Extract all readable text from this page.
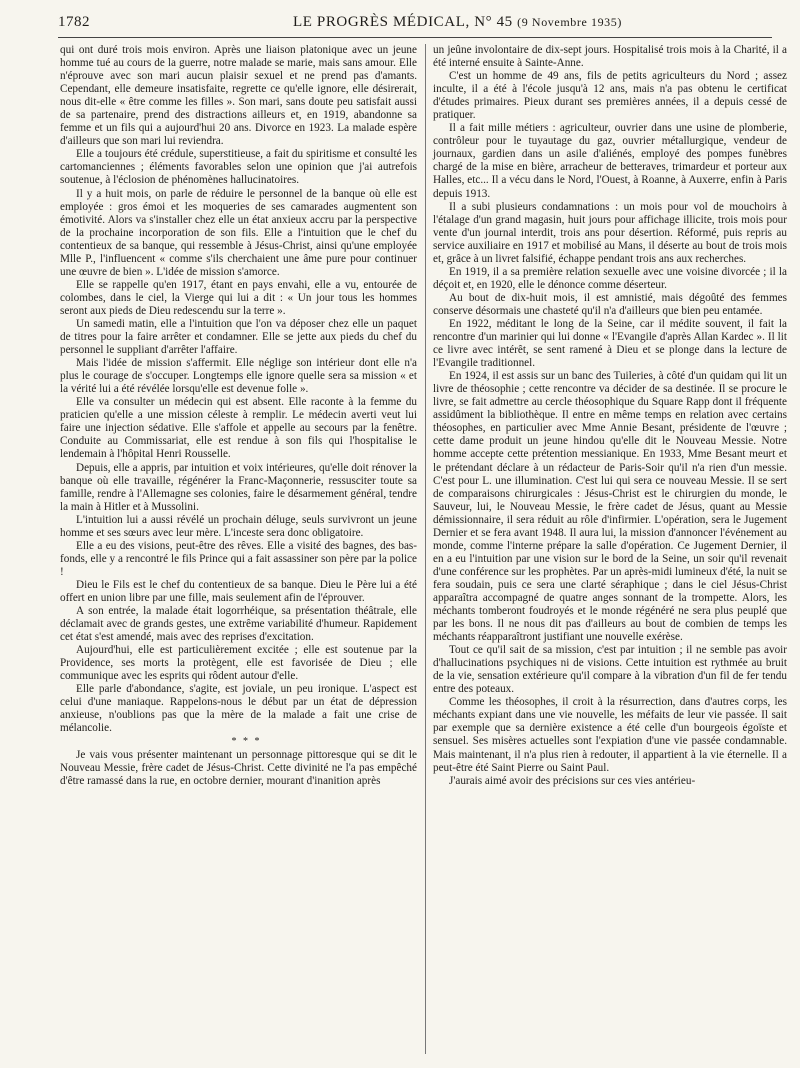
1782	LE PROGRÈS MÉDICAL, N° 45 (9 Novembre 1935)

qui ont duré trois mois environ. Après une liaison platonique avec un jeune homme tué au cours de la guerre, notre malade se marie, mais sans amour. Elle n'éprouve avec son mari aucun plaisir sexuel et ne prend pas d'amants. Cependant, elle demeure insatisfaite, regrette ce qu'elle ignore, elle désirerait, nous dit-elle « être comme les filles ». Son mari, sans doute peu satisfait aussi de sa partenaire, prend des distractions ailleurs et, en 1919, abandonne sa femme et un fils qui a aujourd'hui 20 ans. Divorce en 1923. La malade espère d'ailleurs que son mari lui reviendra.

Elle a toujours été crédule, superstitieuse, a fait du spiritisme et consulté les cartomanciennes ; éléments favorables selon une opinion que j'ai autrefois soutenue, à l'éclosion de phénomènes hallucinatoires.

Il y a huit mois, on parle de réduire le personnel de la banque où elle est employée : gros émoi et les moqueries de ses camarades augmentent son émotivité. Alors va s'installer chez elle un état anxieux accru par la perspective de la prochaine incorporation de son fils. Elle a l'intuition que le chef du contentieux de sa banque, qui ressemble à Jésus-Christ, ainsi qu'une employée Mlle P., l'influencent « comme s'ils cherchaient une âme pure pour continuer une œuvre de bien ». L'idée de mission s'amorce.

Elle se rappelle qu'en 1917, étant en pays envahi, elle a vu, entourée de colombes, dans le ciel, la Vierge qui lui a dit : « Un jour tous les hommes seront aux pieds de Dieu redescendu sur la terre ».

Un samedi matin, elle a l'intuition que l'on va déposer chez elle un paquet de titres pour la faire arrêter et condamner. Elle se jette aux pieds du chef du personnel le suppliant d'arrêter l'affaire.

Mais l'idée de mission s'affermit. Elle néglige son intérieur dont elle n'a plus le courage de s'occuper. Longtemps elle ignore quelle sera sa mission « et la vérité lui a été révélée lorsqu'elle est devenue folle ».

Elle va consulter un médecin qui est absent. Elle raconte à la femme du praticien qu'elle a une mission céleste à remplir. Le médecin averti veut lui faire une injection sédative. Elle s'affole et appelle au secours par la fenêtre. Conduite au Commissariat, elle est rendue à son fils qui l'hospitalise le lendemain à l'hôpital Henri Rousselle.

Depuis, elle a appris, par intuition et voix intérieures, qu'elle doit rénover la banque où elle travaille, régénérer la Franc-Maçonnerie, ressusciter toute sa famille, rendre à l'Allemagne ses colonies, faire le désarmement général, tendre la main à Hitler et à Mussolini.

L'intuition lui a aussi révélé un prochain déluge, seuls survivront un jeune homme et ses sœurs avec leur mère. L'inceste sera donc obligatoire.

Elle a eu des visions, peut-être des rêves. Elle a visité des bagnes, des bas-fonds, elle y a rencontré le fils Prince qui a fait assassiner son père par la police !

Dieu le Fils est le chef du contentieux de sa banque. Dieu le Père lui a été offert en union libre par une fille, mais seulement afin de l'éprouver.

A son entrée, la malade était logorrhéique, sa présentation théâtrale, elle déclamait avec de grands gestes, une extrême variabilité d'humeur. Rapidement cet état s'est amendé, mais avec des reprises d'excitation.

Aujourd'hui, elle est particulièrement excitée ; elle est soutenue par la Providence, ses morts la protègent, elle est favorisée de Dieu ; elle communique avec les esprits qui rôdent autour d'elle.

Elle parle d'abondance, s'agite, est joviale, un peu ironique. L'aspect est celui d'une maniaque. Rappelons-nous le début par un état de dépression anxieuse, n'oublions pas que la mère de la malade a fait une crise de mélancolie.

* * *

Je vais vous présenter maintenant un personnage pittoresque qui se dit le Nouveau Messie, frère cadet de Jésus-Christ. Cette divinité ne l'a pas empêché d'être ramassé dans la rue, en octobre dernier, mourant d'inanition après

un jeûne involontaire de dix-sept jours. Hospitalisé trois mois à la Charité, il a été interné ensuite à Sainte-Anne.

C'est un homme de 49 ans, fils de petits agriculteurs du Nord ; assez inculte, il a été à l'école jusqu'à 12 ans, mais n'a pas obtenu le certificat d'études primaires. Pieux durant ses premières années, il a depuis cessé de pratiquer.

Il a fait mille métiers : agriculteur, ouvrier dans une usine de plomberie, contrôleur pour le tuyautage du gaz, ouvrier métallurgique, vendeur de journaux, gardien dans un asile d'aliénés, employé des pompes funèbres chargé de la mise en bière, arracheur de betteraves, trimardeur et porteur aux Halles, etc... Il a vécu dans le Nord, l'Ouest, à Roanne, à Auxerre, enfin à Paris depuis 1913.

Il a subi plusieurs condamnations : un mois pour vol de mouchoirs à l'étalage d'un grand magasin, huit jours pour affichage illicite, trois mois pour vente d'un journal interdit, trois ans pour désertion. Réformé, puis repris au service auxiliaire en 1917 et mobilisé au Mans, il déserte au bout de trois mois et, grâce à un livret falsifié, échappe pendant trois ans aux recherches.

En 1919, il a sa première relation sexuelle avec une voisine divorcée ; il la déçoit et, en 1920, elle le dénonce comme déserteur.

Au bout de dix-huit mois, il est amnistié, mais dégoûté des femmes conserve désormais une chasteté qu'il n'a d'ailleurs que bien peu entamée.

En 1922, méditant le long de la Seine, car il médite souvent, il fait la rencontre d'un marinier qui lui donne « l'Evangile d'après Allan Kardec ». Il lit ce livre avec intérêt, se sent ramené à Dieu et se plonge dans la lecture de l'Evangile traditionnel.

En 1924, il est assis sur un banc des Tuileries, à côté d'un quidam qui lit un livre de théosophie ; cette rencontre va décider de sa destinée. Il se procure le livre, se fait admettre au cercle théosophique du Square Rapp dont il fréquente assidûment la bibliothèque. Il entre en même temps en relation avec certains théosophes, en particulier avec Mme Annie Besant, présidente de l'œuvre ; cette dame produit un jeune hindou qu'elle dit le Nouveau Messie. Notre homme accepte cette prétention messianique. En 1933, Mme Besant meurt et le prétendant déclare à un rédacteur de Paris-Soir qu'il n'a rien d'un messie. C'est pour L. une illumination. C'est lui qui sera ce nouveau Messie. Il se sert de comparaisons chirurgicales : Jésus-Christ est le chirurgien du monde, le Sauveur, lui, le Nouveau Messie, le frère cadet de Jésus, quant au Messie démissionnaire, il sera réduit au rôle d'infirmier. L'opération, sera le Jugement Dernier et se fera avant 1948. Il aura lui, la mission d'annoncer l'événement au monde, comme l'interne prépare la salle d'opération. Ce Jugement Dernier, il en a eu l'intuition par une vision sur le bord de la Seine, un soir qu'il revenait d'une conférence sur les prophètes. Par un après-midi lumineux d'été, la nuit se fera soudain, puis ce sera une clarté séraphique ; dans le ciel Jésus-Christ apparaîtra accompagné de quatre anges sonnant de la trompette. Alors, les méchants tomberont foudroyés et le monde régénéré ne sera plus peuplé que par les bons. Il ne nous dit pas d'ailleurs au bout de combien de temps les méchants réapparaîtront justifiant une nouvelle exérèse.

Tout ce qu'il sait de sa mission, c'est par intuition ; il ne semble pas avoir d'hallucinations psychiques ni de visions. Cette intuition est rythmée au bruit de la vie, sensation extérieure qu'il compare à la vibration d'un fil de fer tendu entre des poteaux.

Comme les théosophes, il croit à la résurrection, dans d'autres corps, les méchants expiant dans une vie nouvelle, les méfaits de leur vie passée. Il sait par exemple que sa dernière existence a été celle d'un bourgeois égoïste et sensuel. Ses misères actuelles sont l'expiation d'une vie passée condamnable. Mais maintenant, il n'a plus rien à redouter, il appartient à la vie éternelle. Il a peut-être été Saint Pierre ou Saint Paul.

J'aurais aimé avoir des précisions sur ces vies antérieu-
